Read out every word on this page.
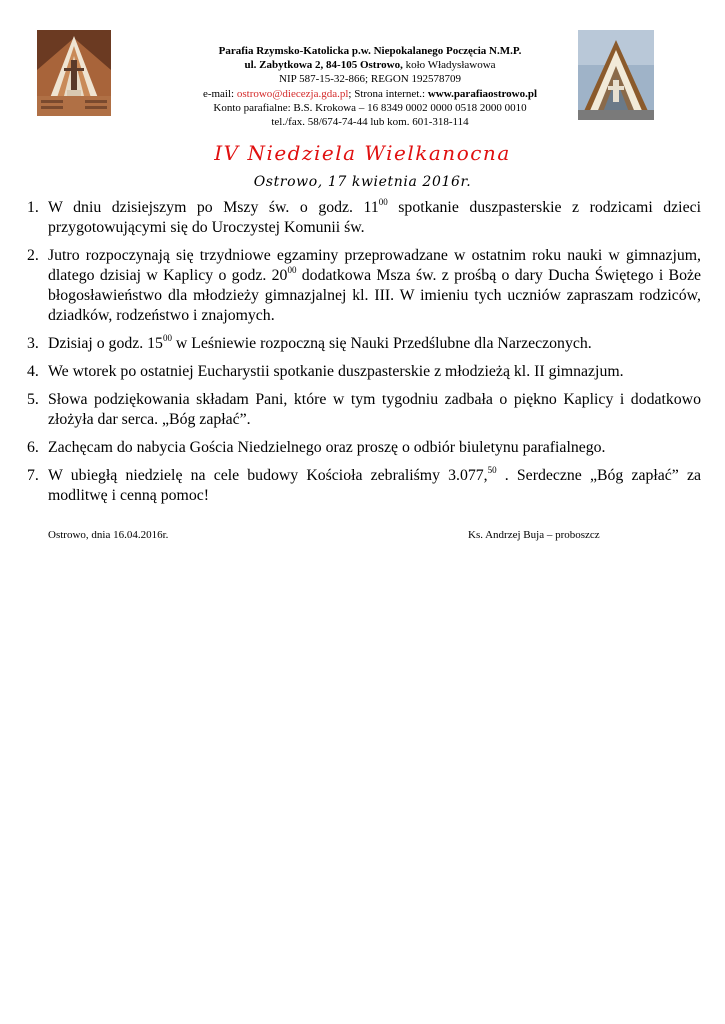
Parafia Rzymsko-Katolicka p.w. Niepokalanego Poczęcia N.M.P.
ul. Zabytkowa 2, 84-105 Ostrowo, koło Władysławowa
NIP 587-15-32-866; REGON 192578709
e-mail: ostrowo@diecezja.gda.pl; Strona internet.: www.parafiaostrowo.pl
Konto parafialne: B.S. Krokowa – 16 8349 0002 0000 0518 2000 0010
tel./fax. 58/674-74-44 lub kom. 601-318-114
IV Niedziela Wielkanocna
Ostrowo, 17 kwietnia 2016r.
1. W dniu dzisiejszym po Mszy św. o godz. $11^{00}$ spotkanie duszpasterskie z rodzicami dzieci przygotowującymi się do Uroczystej Komunii św.
2. Jutro rozpoczynają się trzydniowe egzaminy przeprowadzane w ostatnim roku nauki w gimnazjum, dlatego dzisiaj w Kaplicy o godz. $20^{00}$ dodatkowa Msza św. z prośbą o dary Ducha Świętego i Boże błogosławieństwo dla młodzieży gimnazjalnej kl. III. W imieniu tych uczniów zapraszam rodziców, dziadków, rodzeństwo i znajomych.
3. Dzisiaj o godz. $15^{00}$ w Leśniewie rozpoczną się Nauki Przedślubne dla Narzeczonych.
4. We wtorek po ostatniej Eucharystii spotkanie duszpasterskie z młodzieżą kl. II gimnazjum.
5. Słowa podziękowania składam Pani, które w tym tygodniu zadbała o piękno Kaplicy i dodatkowo złożyła dar serca. „Bóg zapłać”.
6. Zachęcam do nabycia Gościa Niedzielnego oraz proszę o odbiór biuletynu parafialnego.
7. W ubiegłą niedzielę na cele budowy Kościoła zebraliśmy 3.077,50 . Serdeczne „Bóg zapłać” za modlitwę i cenną pomoc!
Ostrowo, dnia 16.04.2016r.	Ks. Andrzej Buja – proboszcz
